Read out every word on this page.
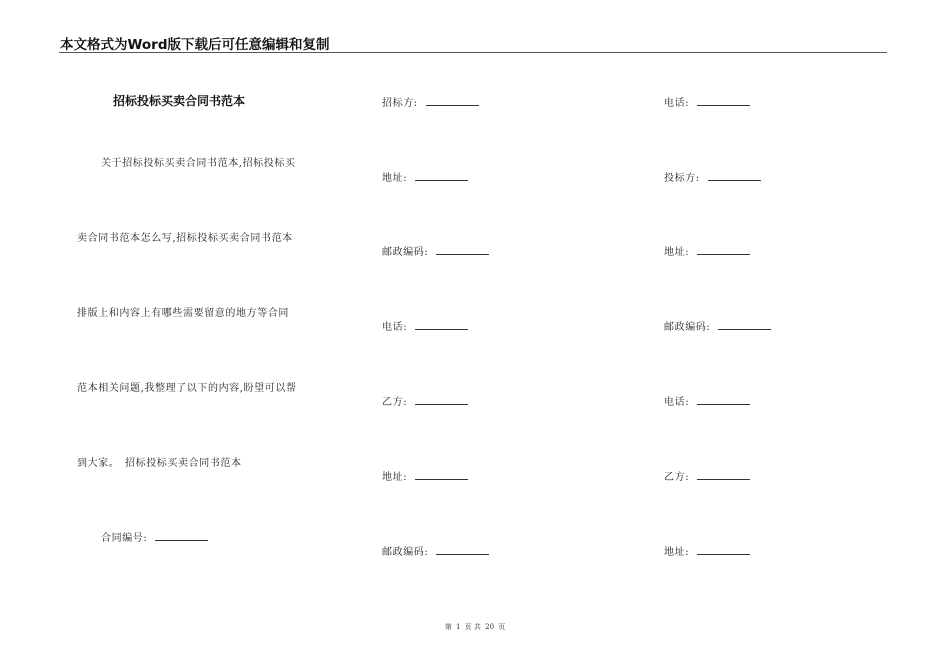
本文格式为Word版下载后可任意编辑和复制
招标投标买卖合同书范本
关于招标投标买卖合同书范本,招标投标买
卖合同书范本怎么写,招标投标买卖合同书范本
排版上和内容上有哪些需要留意的地方等合同
范本相关问题,我整理了以下的内容,盼望可以帮
到大家。　招标投标买卖合同书范本
合同编号:
招标方:
地址:
邮政编码:
电话:
乙方:
地址:
邮政编码:
电话:
投标方:
地址:
邮政编码:
电话:
乙方:
地址:
第 1 页 共 20 页
